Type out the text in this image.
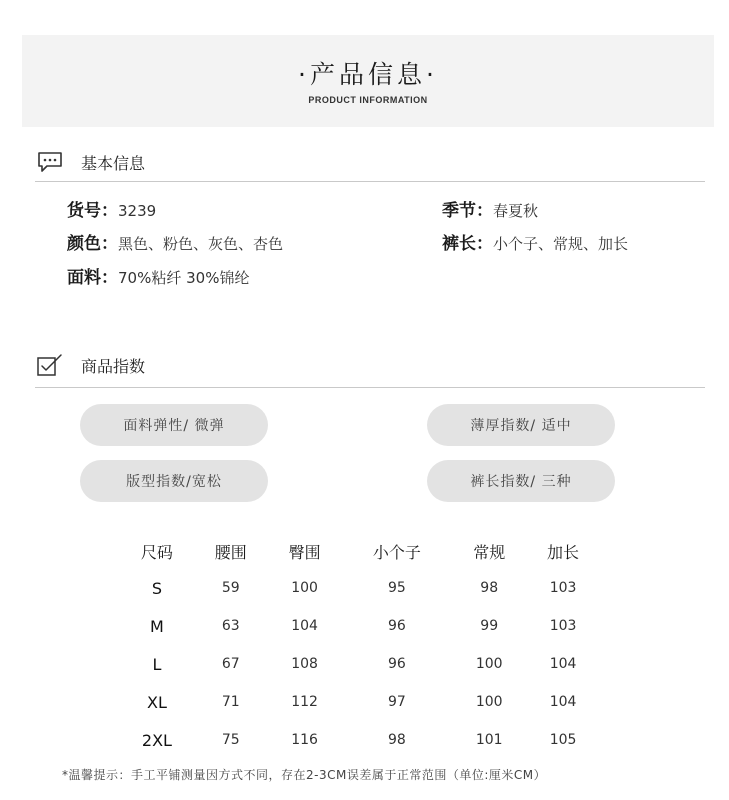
·产品信息·
PRODUCT INFORMATION
基本信息
货号：3239
颜色：黑色、粉色、灰色、杏色
面料：70%粘纤 30%锦纶
季节：春夏秋
裤长：小个子、常规、加长
商品指数
面料弹性/ 微弹	薄厚指数/ 适中
版型指数/宽松	裤长指数/ 三种
尺码	腰围	臀围	小个子	常规	加长
S	59	100	95	98	103
M	63	104	96	99	103
L	67	108	96	100	104
XL	71	112	97	100	104
2XL	75	116	98	101	105
*温馨提示：手工平铺测量因方式不同，存在2-3CM误差属于正常范围（单位:厘米CM）
